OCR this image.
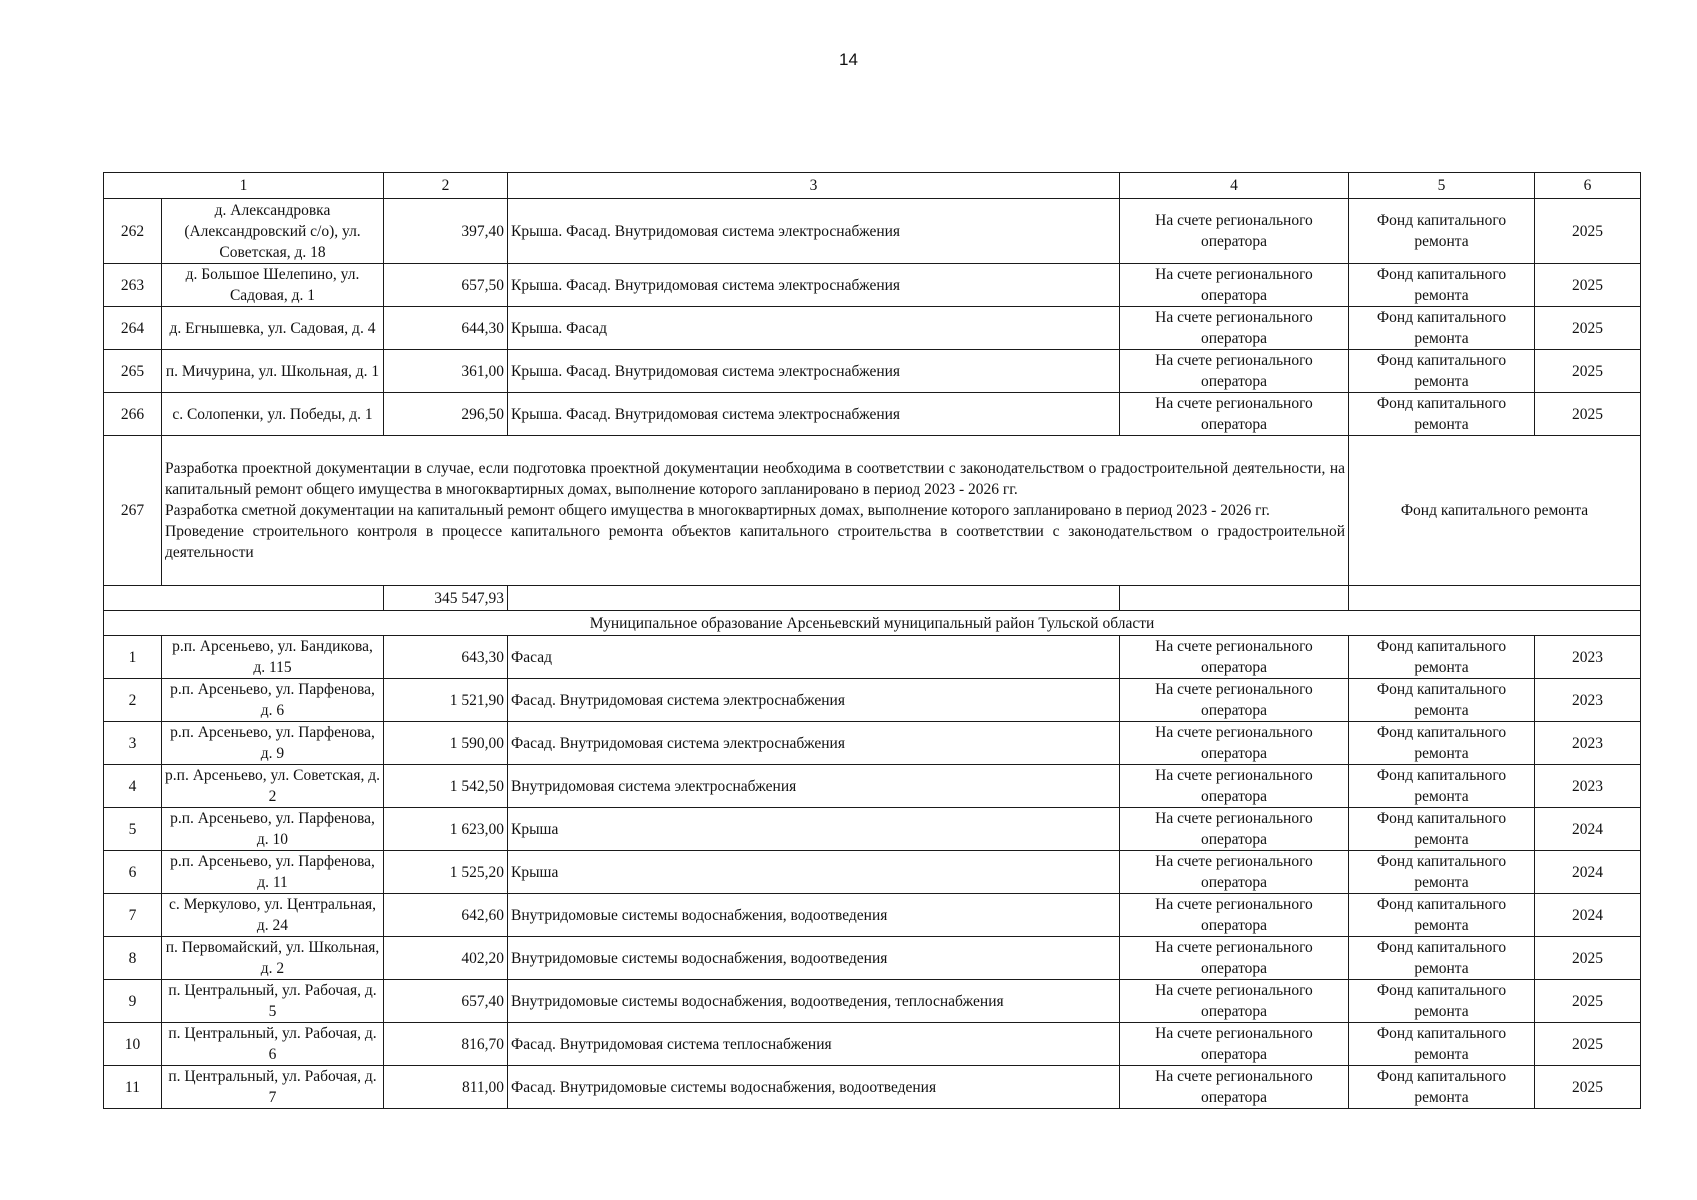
14
1		2	3	4	5	6
262	д. Александровка (Александровский с/о), ул. Советская, д. 18	397,40	Крыша. Фасад. Внутридомовая система электроснабжения	На счете регионального оператора	Фонд капитального ремонта	2025
263	д. Большое Шелепино, ул. Садовая, д. 1	657,50	Крыша. Фасад. Внутридомовая система электроснабжения	На счете регионального оператора	Фонд капитального ремонта	2025
264	д. Егнышевка, ул. Садовая, д. 4	644,30	Крыша. Фасад	На счете регионального оператора	Фонд капитального ремонта	2025
265	п. Мичурина, ул. Школьная, д. 1	361,00	Крыша. Фасад. Внутридомовая система электроснабжения	На счете регионального оператора	Фонд капитального ремонта	2025
266	с. Солопенки, ул. Победы, д. 1	296,50	Крыша. Фасад. Внутридомовая система электроснабжения	На счете регионального оператора	Фонд капитального ремонта	2025
267	Разработка проектной документации в случае, если подготовка проектной документации необходима в соответствии с законодательством о градостроительной деятельности, на капитальный ремонт общего имущества в многоквартирных домах, выполнение которого запланировано в период 2023 - 2026 гг.
Разработка сметной документации на капитальный ремонт общего имущества в многоквартирных домах, выполнение которого запланировано в период 2023 - 2026 гг.
Проведение строительного контроля в процессе капитального ремонта объектов капитального строительства в соответствии с законодательством о градостроительной деятельности				Фонд капитального ремонта	
		345 547,93				
Муниципальное образование Арсеньевский муниципальный район Тульской области						
1	р.п. Арсеньево, ул. Бандикова, д. 115	643,30	Фасад	На счете регионального оператора	Фонд капитального ремонта	2023
2	р.п. Арсеньево, ул. Парфенова, д. 6	1 521,90	Фасад. Внутридомовая система электроснабжения	На счете регионального оператора	Фонд капитального ремонта	2023
3	р.п. Арсеньево, ул. Парфенова, д. 9	1 590,00	Фасад. Внутридомовая система электроснабжения	На счете регионального оператора	Фонд капитального ремонта	2023
4	р.п. Арсеньево, ул. Советская, д. 2	1 542,50	Внутридомовая система электроснабжения	На счете регионального оператора	Фонд капитального ремонта	2023
5	р.п. Арсеньево, ул. Парфенова, д. 10	1 623,00	Крыша	На счете регионального оператора	Фонд капитального ремонта	2024
6	р.п. Арсеньево, ул. Парфенова, д. 11	1 525,20	Крыша	На счете регионального оператора	Фонд капитального ремонта	2024
7	с. Меркулово, ул. Центральная, д. 24	642,60	Внутридомовые системы водоснабжения, водоотведения	На счете регионального оператора	Фонд капитального ремонта	2024
8	п. Первомайский, ул. Школьная, д. 2	402,20	Внутридомовые системы водоснабжения, водоотведения	На счете регионального оператора	Фонд капитального ремонта	2025
9	п. Центральный, ул. Рабочая, д. 5	657,40	Внутридомовые системы водоснабжения, водоотведения, теплоснабжения	На счете регионального оператора	Фонд капитального ремонта	2025
10	п. Центральный, ул. Рабочая, д. 6	816,70	Фасад. Внутридомовая система теплоснабжения	На счете регионального оператора	Фонд капитального ремонта	2025
11	п. Центральный, ул. Рабочая, д. 7	811,00	Фасад. Внутридомовые системы водоснабжения, водоотведения	На счете регионального оператора	Фонд капитального ремонта	2025
